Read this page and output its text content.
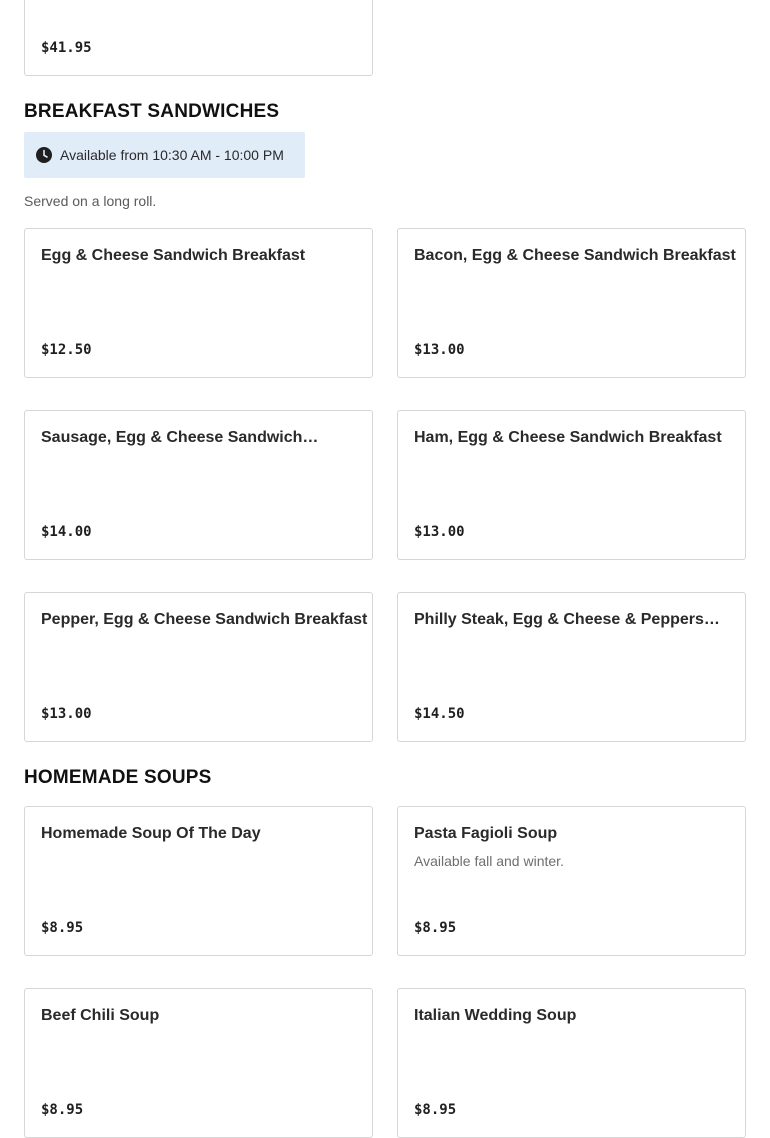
$41.95
BREAKFAST SANDWICHES
Available from 10:30 AM - 10:00 PM
Served on a long roll.
Egg & Cheese Sandwich Breakfast
$12.50
Bacon, Egg & Cheese Sandwich Breakfast
$13.00
Sausage, Egg & Cheese Sandwich…
$14.00
Ham, Egg & Cheese Sandwich Breakfast
$13.00
Pepper, Egg & Cheese Sandwich Breakfast
$13.00
Philly Steak, Egg & Cheese & Peppers…
$14.50
HOMEMADE SOUPS
Homemade Soup Of The Day
$8.95
Pasta Fagioli Soup
Available fall and winter.
$8.95
Beef Chili Soup
$8.95
Italian Wedding Soup
$8.95
